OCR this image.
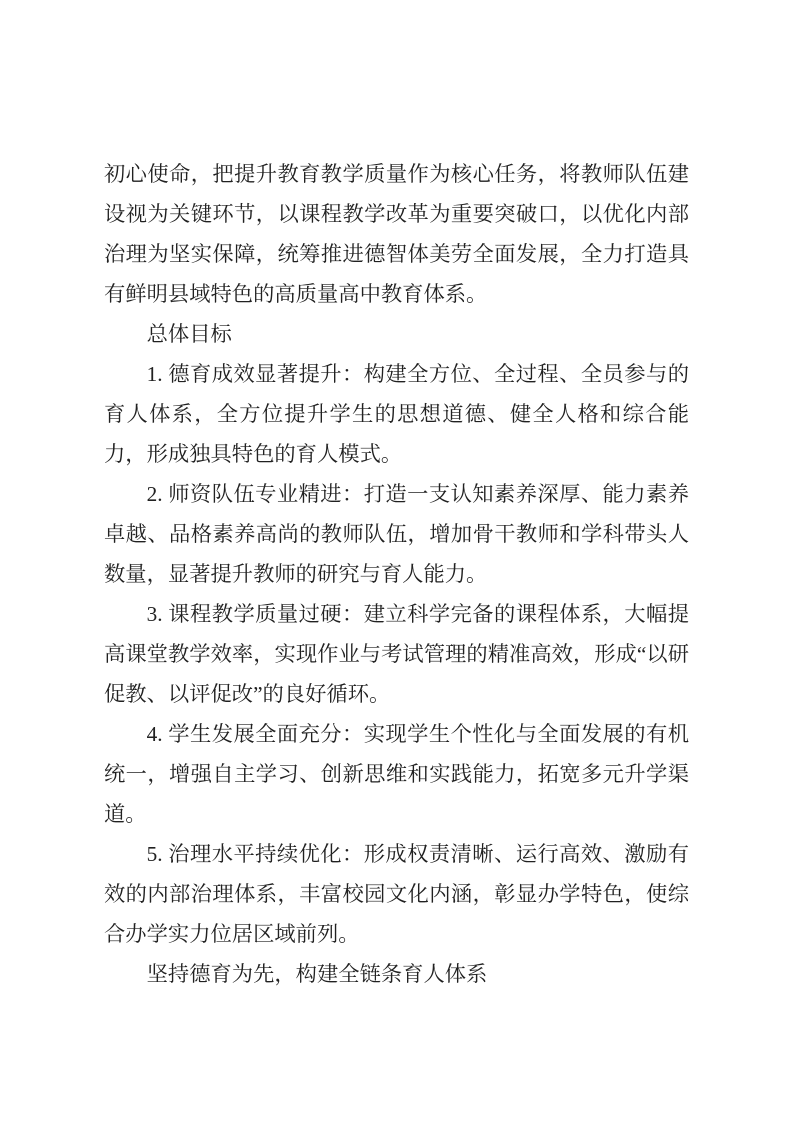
初心使命，把提升教育教学质量作为核心任务，将教师队伍建设视为关键环节，以课程教学改革为重要突破口，以优化内部治理为坚实保障，统筹推进德智体美劳全面发展，全力打造具有鲜明县域特色的高质量高中教育体系。

总体目标

1. 德育成效显著提升：构建全方位、全过程、全员参与的育人体系，全方位提升学生的思想道德、健全人格和综合能力，形成独具特色的育人模式。

2. 师资队伍专业精进：打造一支认知素养深厚、能力素养卓越、品格素养高尚的教师队伍，增加骨干教师和学科带头人数量，显著提升教师的研究与育人能力。

3. 课程教学质量过硬：建立科学完备的课程体系，大幅提高课堂教学效率，实现作业与考试管理的精准高效，形成“以研促教、以评促改”的良好循环。

4. 学生发展全面充分：实现学生个性化与全面发展的有机统一，增强自主学习、创新思维和实践能力，拓宽多元升学渠道。

5. 治理水平持续优化：形成权责清晰、运行高效、激励有效的内部治理体系，丰富校园文化内涵，彰显办学特色，使综合办学实力位居区域前列。

坚持德育为先，构建全链条育人体系
